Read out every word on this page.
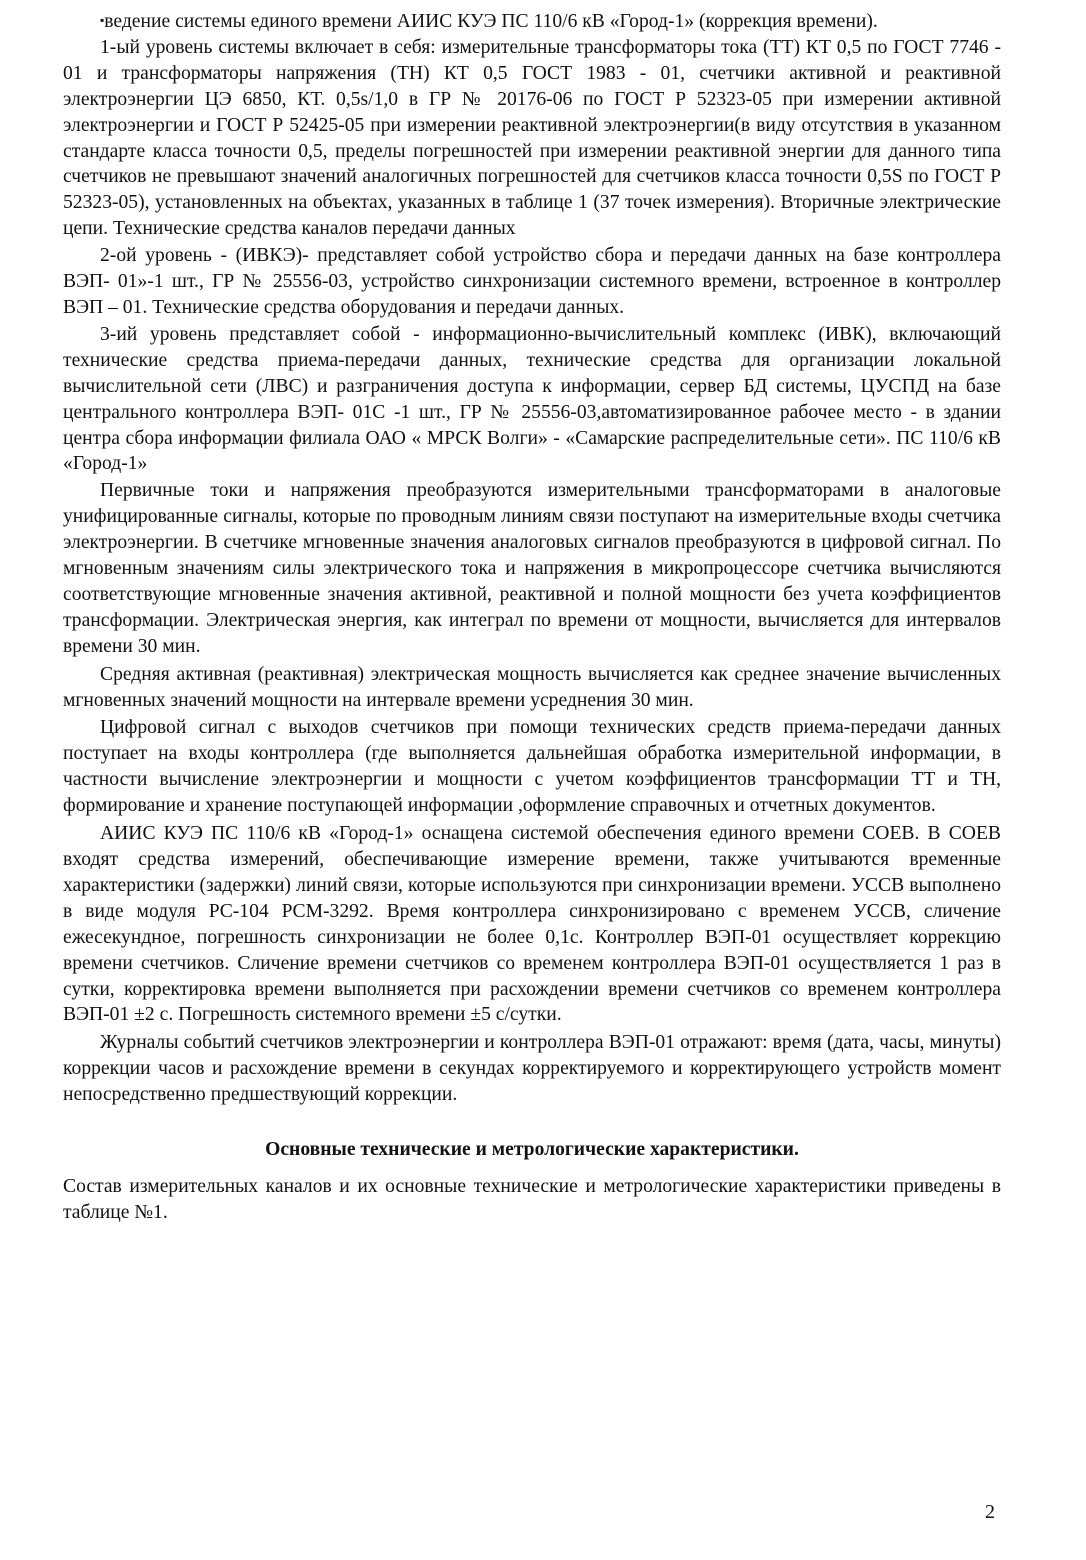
▪ведение системы единого времени АИИС КУЭ ПС 110/6 кВ «Город-1» (коррекция времени).

1-ый уровень системы включает в себя: измерительные трансформаторы тока (ТТ) КТ 0,5 по ГОСТ 7746 - 01 и трансформаторы напряжения (ТН) КТ 0,5 ГОСТ 1983 - 01, счетчики активной и реактивной электроэнергии ЦЭ 6850, КТ. 0,5s/1,0 в ГР № 20176-06 по ГОСТ Р 52323-05 при измерении активной электроэнергии и ГОСТ Р 52425-05 при измерении реактивной электроэнергии(в виду отсутствия в указанном стандарте класса точности 0,5, пределы погрешностей при измерении реактивной энергии для данного типа счетчиков не превышают значений аналогичных погрешностей для счетчиков класса точности 0,5S по ГОСТ Р 52323-05), установленных на объектах, указанных в таблице 1 (37 точек измерения). Вторичные электрические цепи. Технические средства каналов передачи данных

2-ой уровень - (ИВКЭ)- представляет собой устройство сбора и передачи данных на базе контроллера ВЭП- 01»-1 шт., ГР № 25556-03, устройство синхронизации системного времени, встроенное в контроллер ВЭП – 01. Технические средства оборудования и передачи данных.

3-ий уровень представляет собой - информационно-вычислительный комплекс (ИВК), включающий технические средства приема-передачи данных, технические средства для организации локальной вычислительной сети (ЛВС) и разграничения доступа к информации, сервер БД системы, ЦУСПД на базе центрального контроллера ВЭП- 01С -1 шт., ГР № 25556-03,автоматизированное рабочее место - в здании центра сбора информации филиала ОАО « МРСК Волги» - «Самарские распределительные сети». ПС 110/6 кВ «Город-1»

Первичные токи и напряжения преобразуются измерительными трансформаторами в аналоговые унифицированные сигналы, которые по проводным линиям связи поступают на измерительные входы счетчика электроэнергии. В счетчике мгновенные значения аналоговых сигналов преобразуются в цифровой сигнал. По мгновенным значениям силы электрического тока и напряжения в микропроцессоре счетчика вычисляются соответствующие мгновенные значения активной, реактивной и полной мощности без учета коэффициентов трансформации. Электрическая энергия, как интеграл по времени от мощности, вычисляется для интервалов времени 30 мин.

Средняя активная (реактивная) электрическая мощность вычисляется как среднее значение вычисленных мгновенных значений мощности на интервале времени усреднения 30 мин.

Цифровой сигнал с выходов счетчиков при помощи технических средств приема-передачи данных поступает на входы контроллера (где выполняется дальнейшая обработка измерительной информации, в частности вычисление электроэнергии и мощности с учетом коэффициентов трансформации ТТ и ТН, формирование и хранение поступающей информации ,оформление справочных и отчетных документов.

АИИС КУЭ ПС 110/6 кВ «Город-1» оснащена системой обеспечения единого времени СОЕВ. В СОЕВ входят средства измерений, обеспечивающие измерение времени, также учитываются временные характеристики (задержки) линий связи, которые используются при синхронизации времени. УССВ выполнено в виде модуля PC-104 PCM-3292. Время контроллера синхронизировано с временем УССВ, сличение ежесекундное, погрешность синхронизации не более 0,1с. Контроллер ВЭП-01 осуществляет коррекцию времени счетчиков. Сличение времени счетчиков со временем контроллера ВЭП-01 осуществляется 1 раз в сутки, корректировка времени выполняется при расхождении времени счетчиков со временем контроллера ВЭП-01 ±2 с. Погрешность системного времени ±5 с/сутки.

Журналы событий счетчиков электроэнергии и контроллера ВЭП-01 отражают: время (дата, часы, минуты) коррекции часов и расхождение времени в секундах корректируемого и корректирующего устройств момент непосредственно предшествующий коррекции.

Основные технические и метрологические характеристики.

Состав измерительных каналов и их основные технические и метрологические характеристики приведены в таблице №1.

2
